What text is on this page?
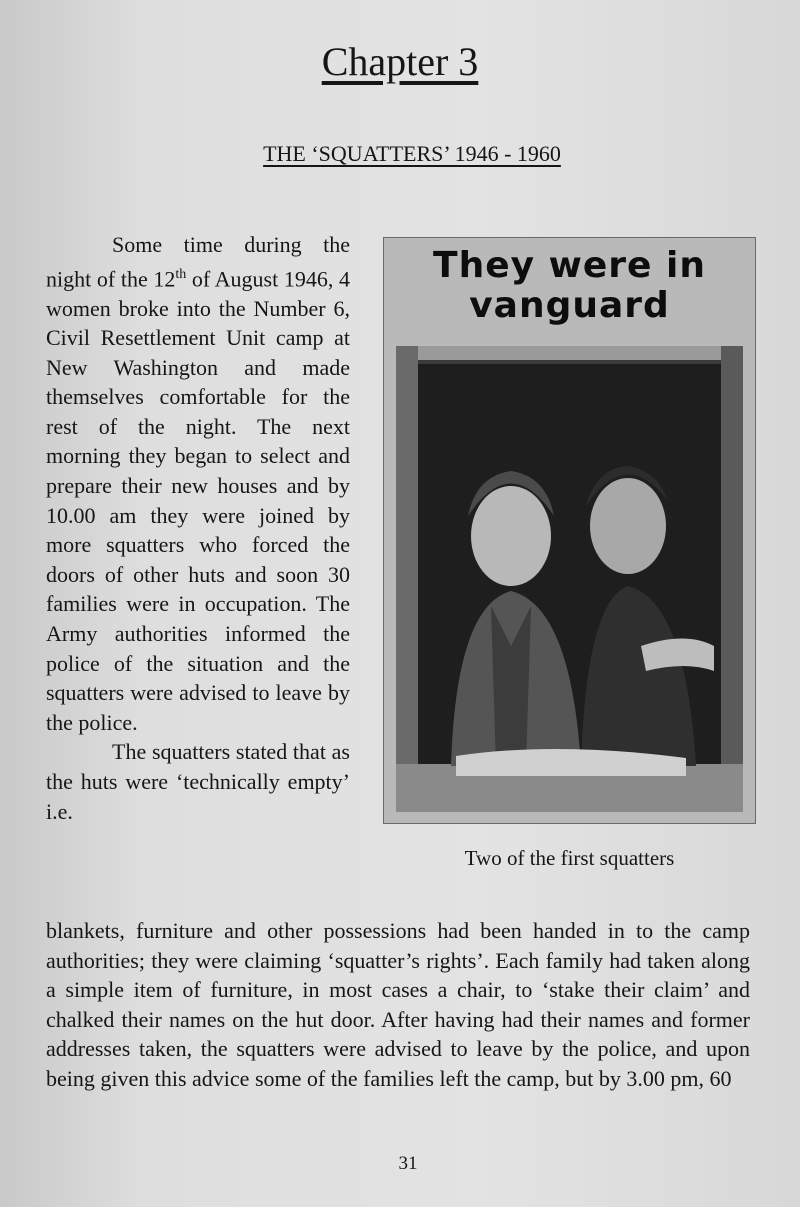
Chapter 3
THE ‘SQUATTERS’ 1946 - 1960

Some time during the night of the 12th of August 1946, 4 women broke into the Number 6, Civil Resettlement Unit camp at New Washington and made themselves comfortable for the rest of the night. The next morning they began to select and prepare their new houses and by 10.00 am they were joined by more squatters who forced the doors of other huts and soon 30 families were in occupation. The Army authorities informed the police of the situation and the squatters were advised to leave by the police.

The squatters stated that as the huts were ‘technically empty’ i.e.

They were in vanguard
Two of the first squatters

blankets, furniture and other possessions had been handed in to the camp authorities; they were claiming ‘squatter’s rights’. Each family had taken along a simple item of furniture, in most cases a chair, to ‘stake their claim’ and chalked their names on the hut door. After having had their names and former addresses taken, the squatters were advised to leave by the police, and upon being given this advice some of the families left the camp, but by 3.00 pm, 60

31
